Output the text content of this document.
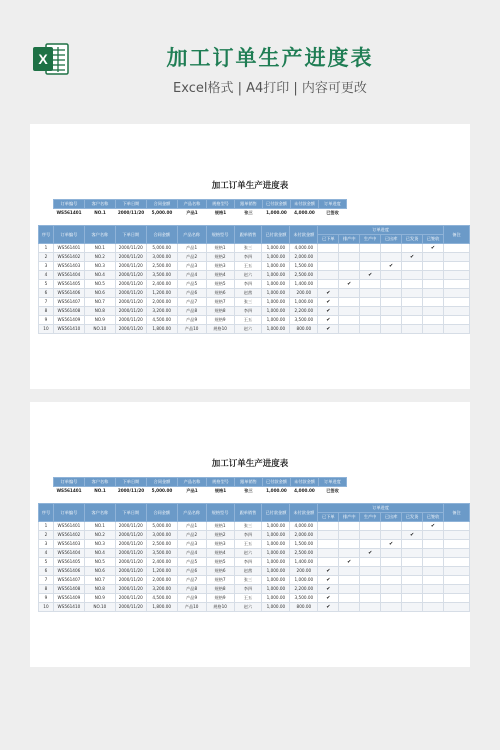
X	加工订单生产进度表
Excel格式 | A4打印 | 内容可更改
加工订单生产进度表
订单编号	客户名称	下单日期	合同金额	产品名称	规格型号	跟单销售	已付款金额	未付款金额	订单进度
WS561401	NO.1	2000/11/20	5,000.00	产品1	规格1	张三	1,000.00	4,000.00	已签收
序号	订单编号	客户名称	下单日期	合同金额	产品名称	规格型号	跟单销售	已付款金额	未付款金额	订单进度						备注
										已下单	排产中	生产中	已出库	已发货	已签收	
1	WS561401	NO.1	2000/11/20	5,000.00	产品1	规格1	张三	1,000.00	4,000.00						✔	
2	WS561402	NO.2	2000/11/20	3,000.00	产品2	规格2	李四	1,000.00	2,000.00					✔		
3	WS561403	NO.3	2000/11/20	2,500.00	产品3	规格3	王五	1,000.00	1,500.00				✔			
4	WS561404	NO.4	2000/11/20	3,500.00	产品4	规格4	赵六	1,000.00	2,500.00			✔				
5	WS561405	NO.5	2000/11/20	2,400.00	产品5	规格5	李四	1,000.00	1,400.00		✔					
6	WS561406	NO.6	2000/11/20	1,200.00	产品6	规格6	赵茜	1,000.00	200.00	✔						
7	WS561407	NO.7	2000/11/20	2,000.00	产品7	规格7	张三	1,000.00	1,000.00	✔						
8	WS561408	NO.8	2000/11/20	3,200.00	产品8	规格8	李四	1,000.00	2,200.00	✔						
9	WS561409	NO.9	2000/11/20	4,500.00	产品9	规格9	王五	1,000.00	3,500.00	✔						
10	WS561410	NO.10	2000/11/20	1,800.00	产品10	规格10	赵六	1,000.00	800.00	✔						
加工订单生产进度表
订单编号	客户名称	下单日期	合同金额	产品名称	规格型号	跟单销售	已付款金额	未付款金额	订单进度
WS561401	NO.1	2000/11/20	5,000.00	产品1	规格1	张三	1,000.00	4,000.00	已签收
序号	订单编号	客户名称	下单日期	合同金额	产品名称	规格型号	跟单销售	已付款金额	未付款金额	订单进度						备注
										已下单	排产中	生产中	已出库	已发货	已签收	
1	WS561401	NO.1	2000/11/20	5,000.00	产品1	规格1	张三	1,000.00	4,000.00						✔	
2	WS561402	NO.2	2000/11/20	3,000.00	产品2	规格2	李四	1,000.00	2,000.00					✔		
3	WS561403	NO.3	2000/11/20	2,500.00	产品3	规格3	王五	1,000.00	1,500.00				✔			
4	WS561404	NO.4	2000/11/20	3,500.00	产品4	规格4	赵六	1,000.00	2,500.00			✔				
5	WS561405	NO.5	2000/11/20	2,400.00	产品5	规格5	李四	1,000.00	1,400.00		✔					
6	WS561406	NO.6	2000/11/20	1,200.00	产品6	规格6	赵茜	1,000.00	200.00	✔						
7	WS561407	NO.7	2000/11/20	2,000.00	产品7	规格7	张三	1,000.00	1,000.00	✔						
8	WS561408	NO.8	2000/11/20	3,200.00	产品8	规格8	李四	1,000.00	2,200.00	✔						
9	WS561409	NO.9	2000/11/20	4,500.00	产品9	规格9	王五	1,000.00	3,500.00	✔						
10	WS561410	NO.10	2000/11/20	1,800.00	产品10	规格10	赵六	1,000.00	800.00	✔						
